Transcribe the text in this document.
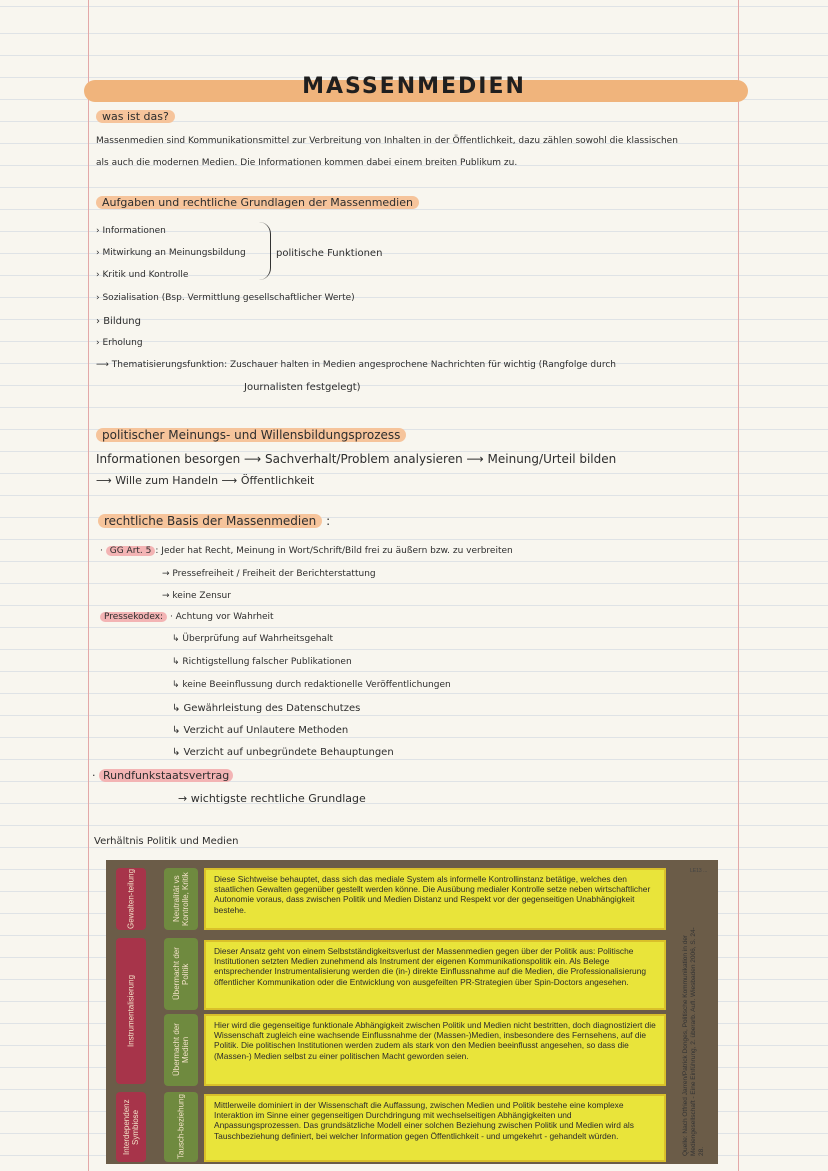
MASSENMEDIEN
was ist das?
Massenmedien sind Kommunikationsmittel zur Verbreitung von Inhalten in der Öffentlichkeit, dazu zählen sowohl die klassischen
als auch die modernen Medien. Die Informationen kommen dabei einem breiten Publikum zu.
Aufgaben und rechtliche Grundlagen der Massenmedien
› Informationen
› Mitwirkung an Meinungsbildung
› Kritik und Kontrolle
politische Funktionen
› Sozialisation (Bsp. Vermittlung gesellschaftlicher Werte)
› Bildung
› Erholung
⟶ Thematisierungsfunktion: Zuschauer halten in Medien angesprochene Nachrichten für wichtig (Rangfolge durch
Journalisten festgelegt)
politischer Meinungs- und Willensbildungsprozess
Informationen besorgen ⟶ Sachverhalt/Problem analysieren ⟶ Meinung/Urteil bilden
⟶ Wille zum Handeln ⟶ Öffentlichkeit
rechtliche Basis der Massenmedien :
· GG Art. 5 : Jeder hat Recht, Meinung in Wort/Schrift/Bild frei zu äußern bzw. zu verbreiten
→ Pressefreiheit / Freiheit der Berichterstattung
→ keine Zensur
Pressekodex: · Achtung vor Wahrheit
↳ Überprüfung auf Wahrheitsgehalt
↳ Richtigstellung falscher Publikationen
↳ keine Beeinflussung durch redaktionelle Veröffentlichungen
↳ Gewährleistung des Datenschutzes
↳ Verzicht auf Unlautere Methoden
↳ Verzicht auf unbegründete Behauptungen
· Rundfunkstaatsvertrag
→ wichtigste rechtliche Grundlage
Verhältnis Politik und Medien
LE13 ...
Gewalten-teilung
Instrumentalisierung
Interdependenz Symbiose
Neutralität vs Kontrolle, Kritik
Übermacht der Politik
Übermacht der Medien
Tausch-beziehung
Diese Sichtweise behauptet, dass sich das mediale System als informelle Kontrollinstanz betätige, welches den staatlichen Gewalten gegenüber gestellt werden könne. Die Ausübung medialer Kontrolle setze neben wirtschaftlicher Autonomie voraus, dass zwischen Politik und Medien Distanz und Respekt vor der gegenseitigen Unabhängigkeit bestehe.
Dieser Ansatz geht von einem Selbstständigkeitsverlust der Massenmedien gegen über der Politik aus: Politische Institutionen setzten Medien zunehmend als Instrument der eigenen Kommunikationspolitik ein. Als Belege entsprechender Instrumentalisierung werden die (in-) direkte Einflussnahme auf die Medien, die Professionalisierung öffentlicher Kommunikation oder die Entwicklung von ausgefeilten PR-Strategien über Spin-Doctors angesehen.
Hier wird die gegenseitige funktionale Abhängigkeit zwischen Politik und Medien nicht bestritten, doch diagnostiziert die Wissenschaft zugleich eine wachsende Einflussnahme der (Massen-)Medien, insbesondere des Fernsehens, auf die Politik. Die politischen Institutionen werden zudem als stark von den Medien beeinflusst angesehen, so dass die (Massen-) Medien selbst zu einer politischen Macht geworden seien.
Mittlerweile dominiert in der Wissenschaft die Auffassung, zwischen Medien und Politik bestehe eine komplexe Interaktion im Sinne einer gegenseitigen Durchdringung mit wechselseitigen Abhängigkeiten und Anpassungsprozessen. Das grundsätzliche Modell einer solchen Beziehung zwischen Politik und Medien wird als Tauschbeziehung definiert, bei welcher Information gegen Öffentlichkeit - und umgekehrt - gehandelt würden.	Quelle: Nach Otfried Jarren/Patrick Donges, Politische Kommunikation in der Mediengesellschaft - Eine Einführung, 2. überarb. Aufl. Wiesbaden 2006, S. 24-28.
